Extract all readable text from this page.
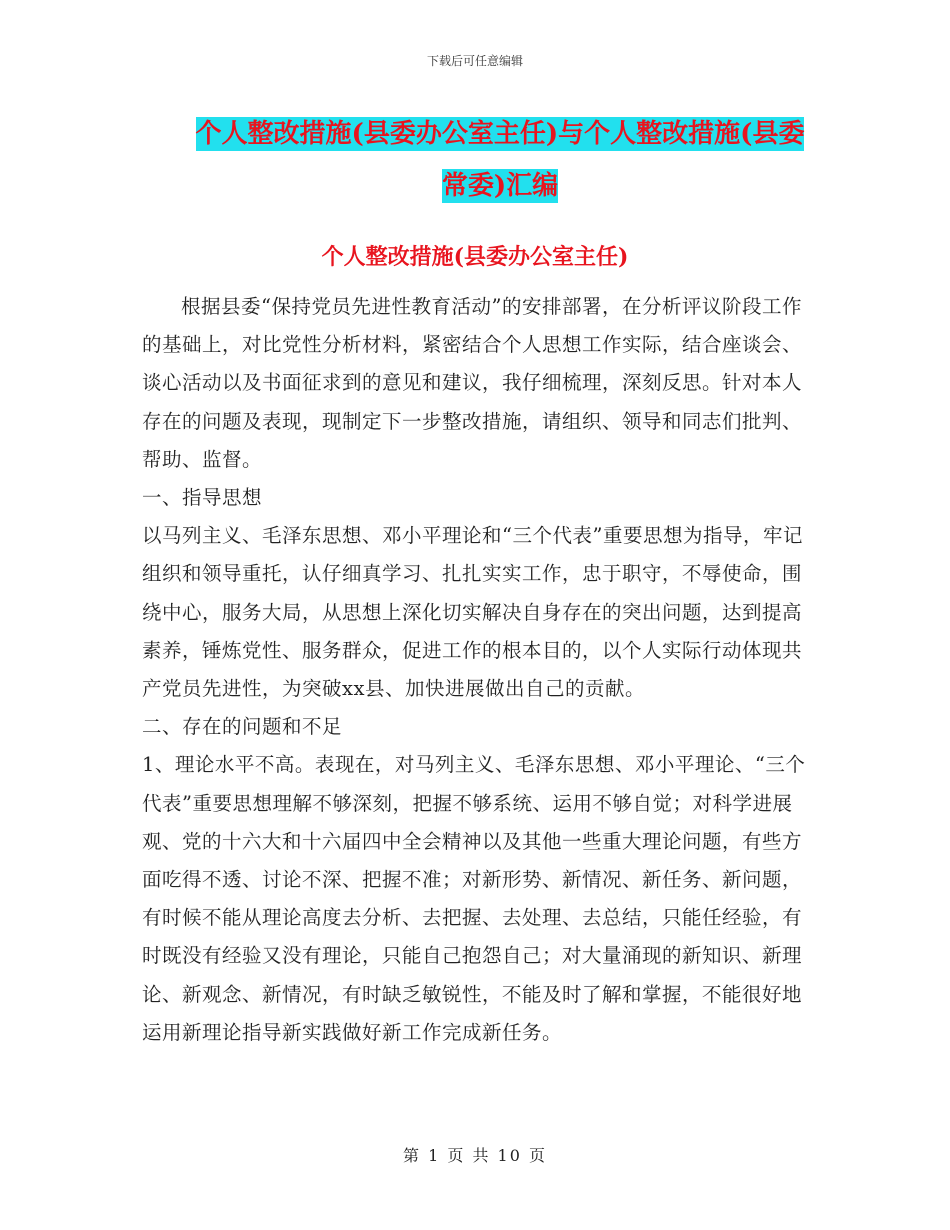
下载后可任意编辑
个人整改措施(县委办公室主任)与个人整改措施(县委
常委)汇编
个人整改措施(县委办公室主任)

根据县委“保持党员先进性教育活动”的安排部署，在分析评议阶段工作的基础上，对比党性分析材料，紧密结合个人思想工作实际，结合座谈会、谈心活动以及书面征求到的意见和建议，我仔细梳理，深刻反思。针对本人存在的问题及表现，现制定下一步整改措施，请组织、领导和同志们批判、帮助、监督。

一、指导思想

以马列主义、毛泽东思想、邓小平理论和“三个代表”重要思想为指导，牢记组织和领导重托，认仔细真学习、扎扎实实工作，忠于职守，不辱使命，围绕中心，服务大局，从思想上深化切实解决自身存在的突出问题，达到提高素养，锤炼党性、服务群众，促进工作的根本目的，以个人实际行动体现共产党员先进性，为突破xx县、加快进展做出自己的贡献。

二、存在的问题和不足

1、理论水平不高。表现在，对马列主义、毛泽东思想、邓小平理论、“三个代表”重要思想理解不够深刻，把握不够系统、运用不够自觉；对科学进展观、党的十六大和十六届四中全会精神以及其他一些重大理论问题，有些方面吃得不透、讨论不深、把握不准；对新形势、新情况、新任务、新问题，有时候不能从理论高度去分析、去把握、去处理、去总结，只能任经验，有时既没有经验又没有理论，只能自己抱怨自己；对大量涌现的新知识、新理论、新观念、新情况，有时缺乏敏锐性，不能及时了解和掌握，不能很好地运用新理论指导新实践做好新工作完成新任务。

第 1 页 共 10 页
